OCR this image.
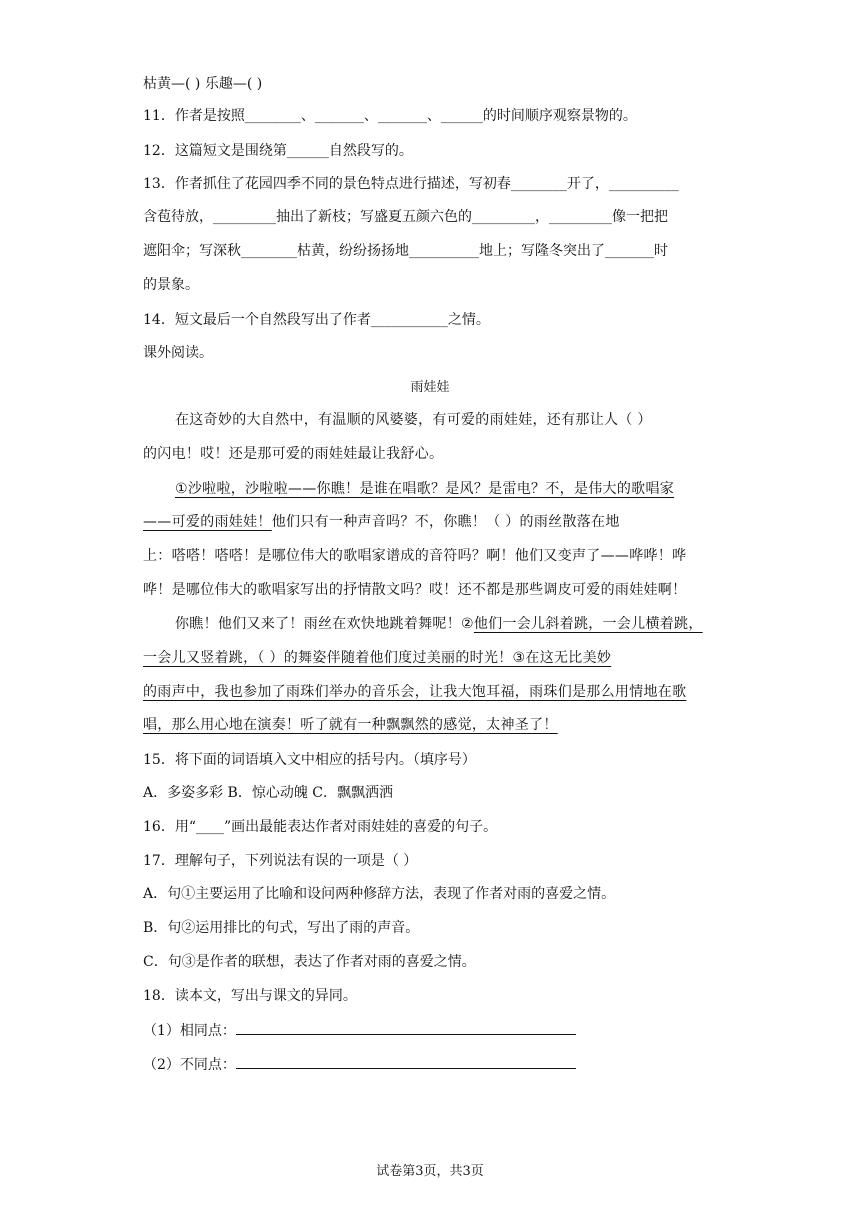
枯黄—( ) 乐趣—( )
11．作者是按照________、_______、_______、______的时间顺序观察景物的。
12．这篇短文是围绕第______自然段写的。
13．作者抓住了花园四季不同的景色特点进行描述，写初春________开了，__________
含苞待放，_________抽出了新枝；写盛夏五颜六色的_________，_________像一把把
遮阳伞；写深秋________枯黄，纷纷扬扬地__________地上；写隆冬突出了_______时
的景象。
14．短文最后一个自然段写出了作者___________之情。
课外阅读。
雨娃娃
在这奇妙的大自然中，有温顺的风婆婆，有可爱的雨娃娃，还有那让人（ ）
的闪电！哎！还是那可爱的雨娃娃最让我舒心。
①沙啦啦，沙啦啦——你瞧！是谁在唱歌？是风？是雷电？不，是伟大的歌唱家
——可爱的雨娃娃！他们只有一种声音吗？不，你瞧！（ ）的雨丝散落在地
上：嗒嗒！嗒嗒！是哪位伟大的歌唱家谱成的音符吗？啊！他们又变声了——哗哗！哗
哗！是哪位伟大的歌唱家写出的抒情散文吗？哎！还不都是那些调皮可爱的雨娃娃啊！
你瞧！他们又来了！雨丝在欢快地跳着舞呢！②他们一会儿斜着跳，一会儿横着跳，
一会儿又竖着跳，（ ）的舞姿伴随着他们度过美丽的时光！③在这无比美妙
的雨声中，我也参加了雨珠们举办的音乐会，让我大饱耳福，雨珠们是那么用情地在歌
唱，那么用心地在演奏！听了就有一种飘飘然的感觉，太神圣了！
15．将下面的词语填入文中相应的括号内。（填序号）
A．多姿多彩 B．惊心动魄 C．飘飘洒洒
16．用“____”画出最能表达作者对雨娃娃的喜爱的句子。
17．理解句子，下列说法有误的一项是（ ）
A．句①主要运用了比喻和设问两种修辞方法，表现了作者对雨的喜爱之情。
B．句②运用排比的句式，写出了雨的声音。
C．句③是作者的联想，表达了作者对雨的喜爱之情。
18．读本文，写出与课文的异同。
（1）相同点：
（2）不同点：
试卷第3页，共3页
